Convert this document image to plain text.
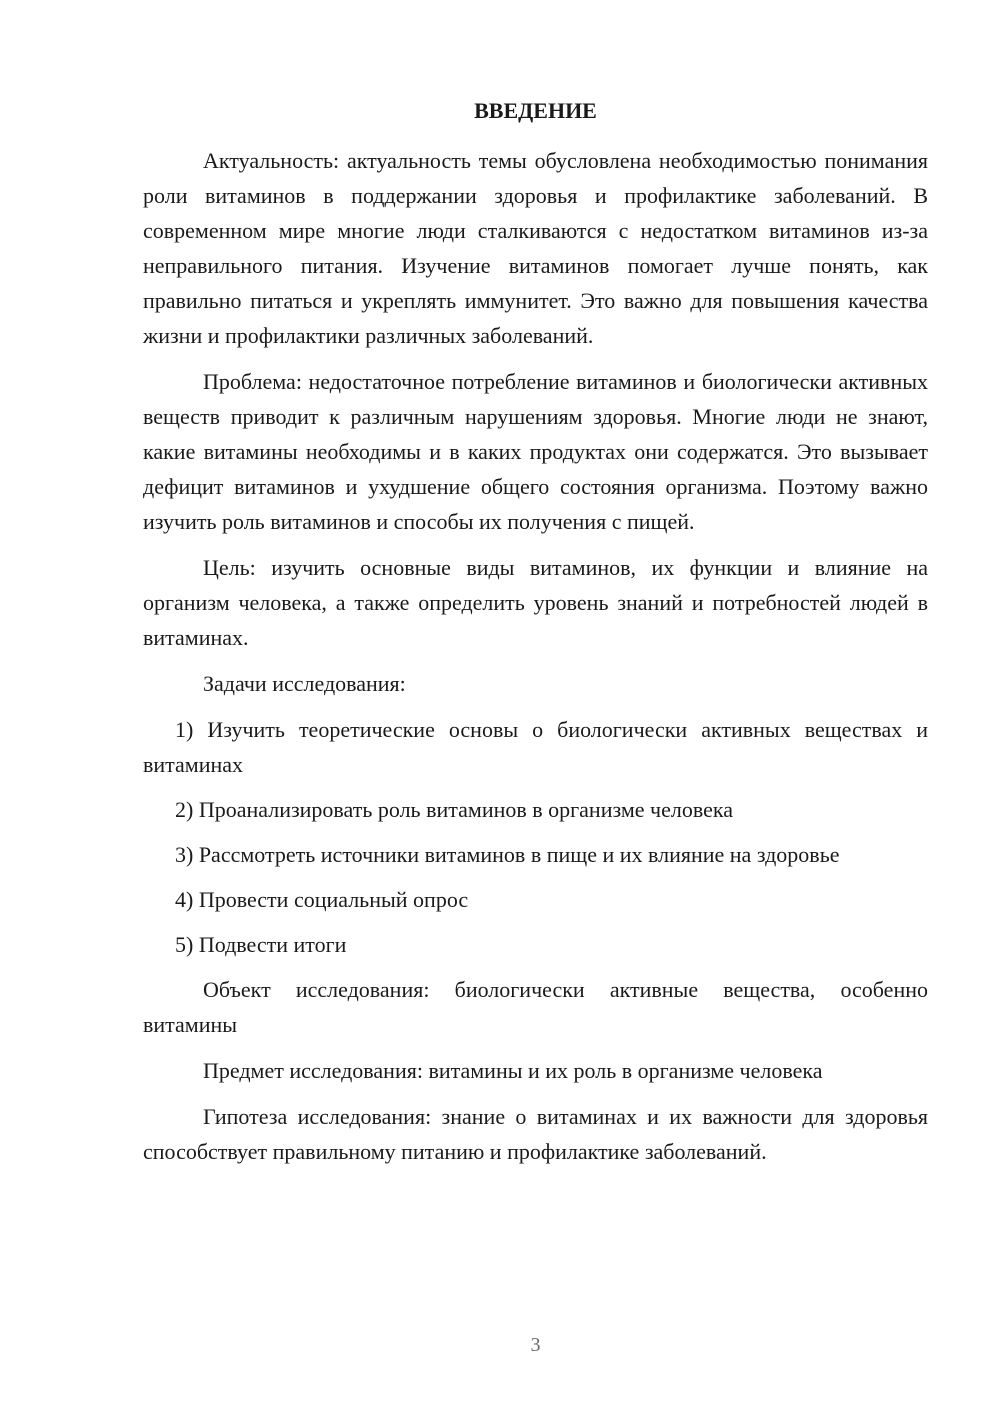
ВВЕДЕНИЕ

Актуальность: актуальность темы обусловлена необходимостью понимания роли витаминов в поддержании здоровья и профилактике заболеваний. В современном мире многие люди сталкиваются с недостатком витаминов из-за неправильного питания. Изучение витаминов помогает лучше понять, как правильно питаться и укреплять иммунитет. Это важно для повышения качества жизни и профилактики различных заболеваний.

Проблема: недостаточное потребление витаминов и биологически активных веществ приводит к различным нарушениям здоровья. Многие люди не знают, какие витамины необходимы и в каких продуктах они содержатся. Это вызывает дефицит витаминов и ухудшение общего состояния организма. Поэтому важно изучить роль витаминов и способы их получения с пищей.

Цель: изучить основные виды витаминов, их функции и влияние на организм человека, а также определить уровень знаний и потребностей людей в витаминах.

Задачи исследования:

1) Изучить теоретические основы о биологически активных веществах и витаминах

2) Проанализировать роль витаминов в организме человека

3) Рассмотреть источники витаминов в пище и их влияние на здоровье

4) Провести социальный опрос

5) Подвести итоги

Объект исследования: биологически активные вещества, особенно витамины

Предмет исследования: витамины и их роль в организме человека

Гипотеза исследования: знание о витаминах и их важности для здоровья способствует правильному питанию и профилактике заболеваний.

3
